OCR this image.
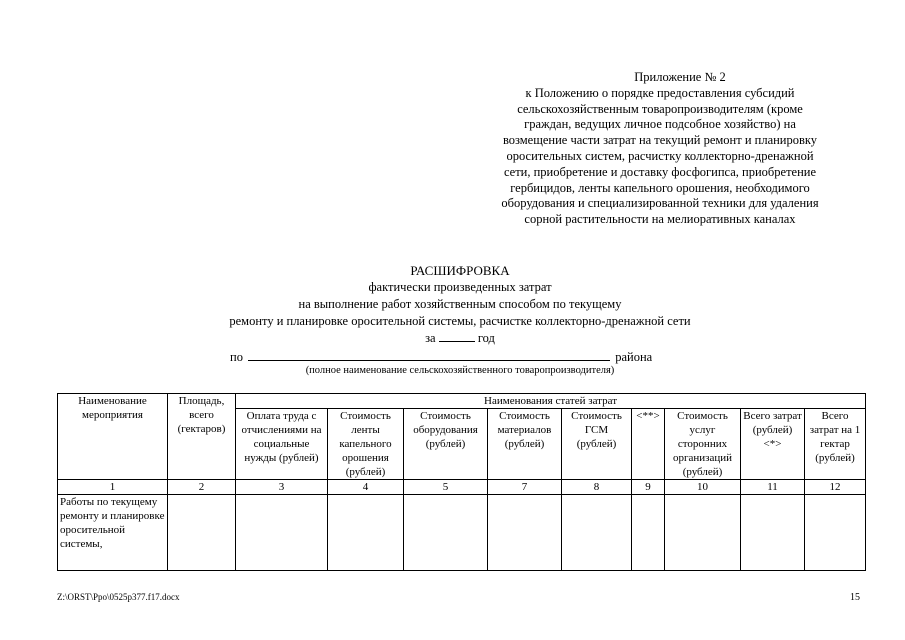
Приложение № 2
к Положению о порядке предоставления субсидий
сельскохозяйственным товаропроизводителям (кроме
граждан, ведущих личное подсобное хозяйство) на
возмещение части затрат на текущий ремонт и планировку
оросительных систем, расчистку коллекторно-дренажной
сети, приобретение и доставку фосфогипса, приобретение
гербицидов, ленты капельного орошения, необходимого
оборудования и специализированной техники для удаления
сорной растительности на мелиоративных каналах
РАСШИФРОВКА
фактически произведенных затрат
на выполнение работ хозяйственным способом по текущему
ремонту и планировке оросительной системы, расчистке коллекторно-дренажной сети
за	год
по	района
(полное наименование сельскохозяйственного товаропроизводителя)
Наименование мероприятия	Площадь, всего (гектаров)	Наименования статей затрат								
		Оплата труда с отчислениями на социальные нужды (рублей)	Стоимость ленты капельного орошения (рублей)	Стоимость оборудования (рублей)	Стоимость материалов (рублей)	Стоимость ГСМ (рублей)	<**>	Стоимость услуг сторонних организаций (рублей)	Всего затрат (рублей) <*>	Всего затрат на 1 гектар (рублей)
1	2	3	4	5	7	8	9	10	11	12
Работы по текущему ремонту и планировке оросительной системы,										
Z:\ORST\Ppo\0525p377.f17.docx	15
